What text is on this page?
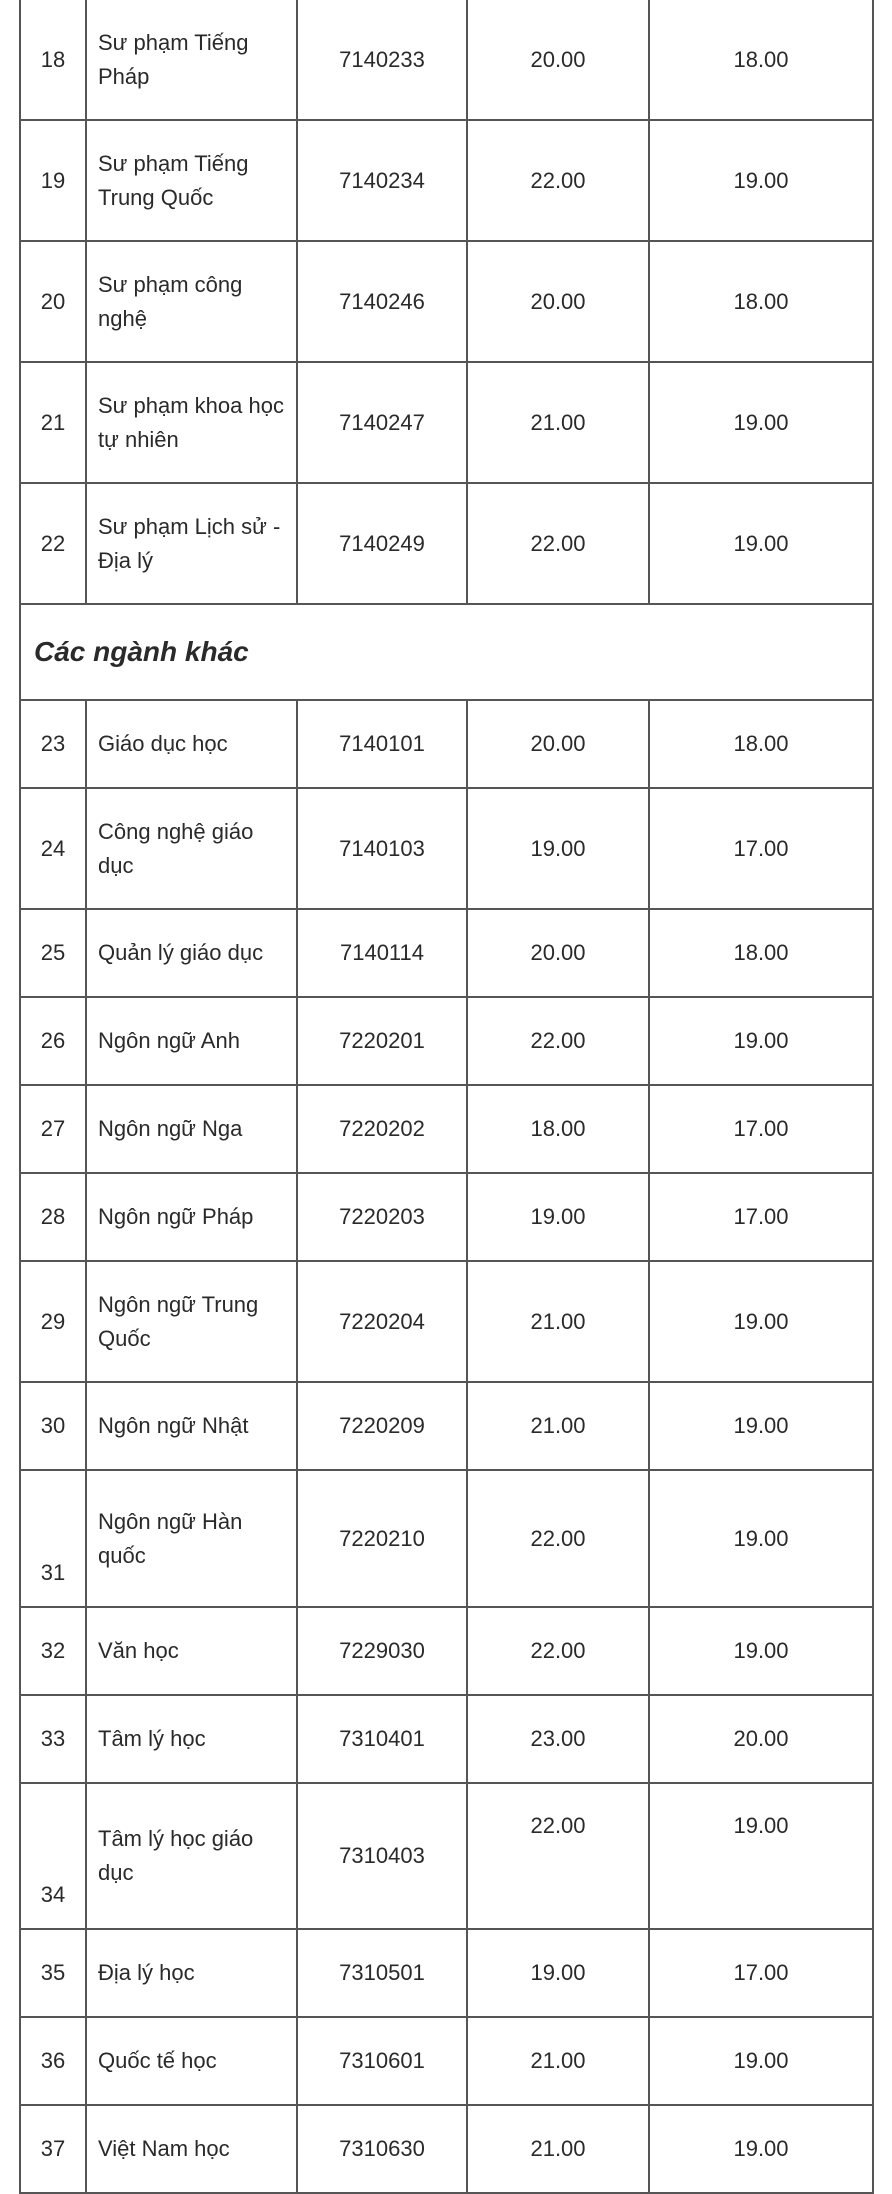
18	Sư phạm Tiếng Pháp	7140233	20.00	18.00
19	Sư phạm Tiếng Trung Quốc	7140234	22.00	19.00
20	Sư phạm công nghệ	7140246	20.00	18.00
21	Sư phạm khoa học tự nhiên	7140247	21.00	19.00
22	Sư phạm Lịch sử - Địa lý	7140249	22.00	19.00
Các ngành khác				
23	Giáo dục học	7140101	20.00	18.00
24	Công nghệ giáo dục	7140103	19.00	17.00
25	Quản lý giáo dục	7140114	20.00	18.00
26	Ngôn ngữ Anh	7220201	22.00	19.00
27	Ngôn ngữ Nga	7220202	18.00	17.00
28	Ngôn ngữ Pháp	7220203	19.00	17.00
29	Ngôn ngữ Trung Quốc	7220204	21.00	19.00
30	Ngôn ngữ Nhật	7220209	21.00	19.00
31	Ngôn ngữ Hàn quốc	7220210	22.00	19.00
32	Văn học	7229030	22.00	19.00
33	Tâm lý học	7310401	23.00	20.00
34	Tâm lý học giáo dục	7310403	22.00	19.00
35	Địa lý học	7310501	19.00	17.00
36	Quốc tế học	7310601	21.00	19.00
37	Việt Nam học	7310630	21.00	19.00
